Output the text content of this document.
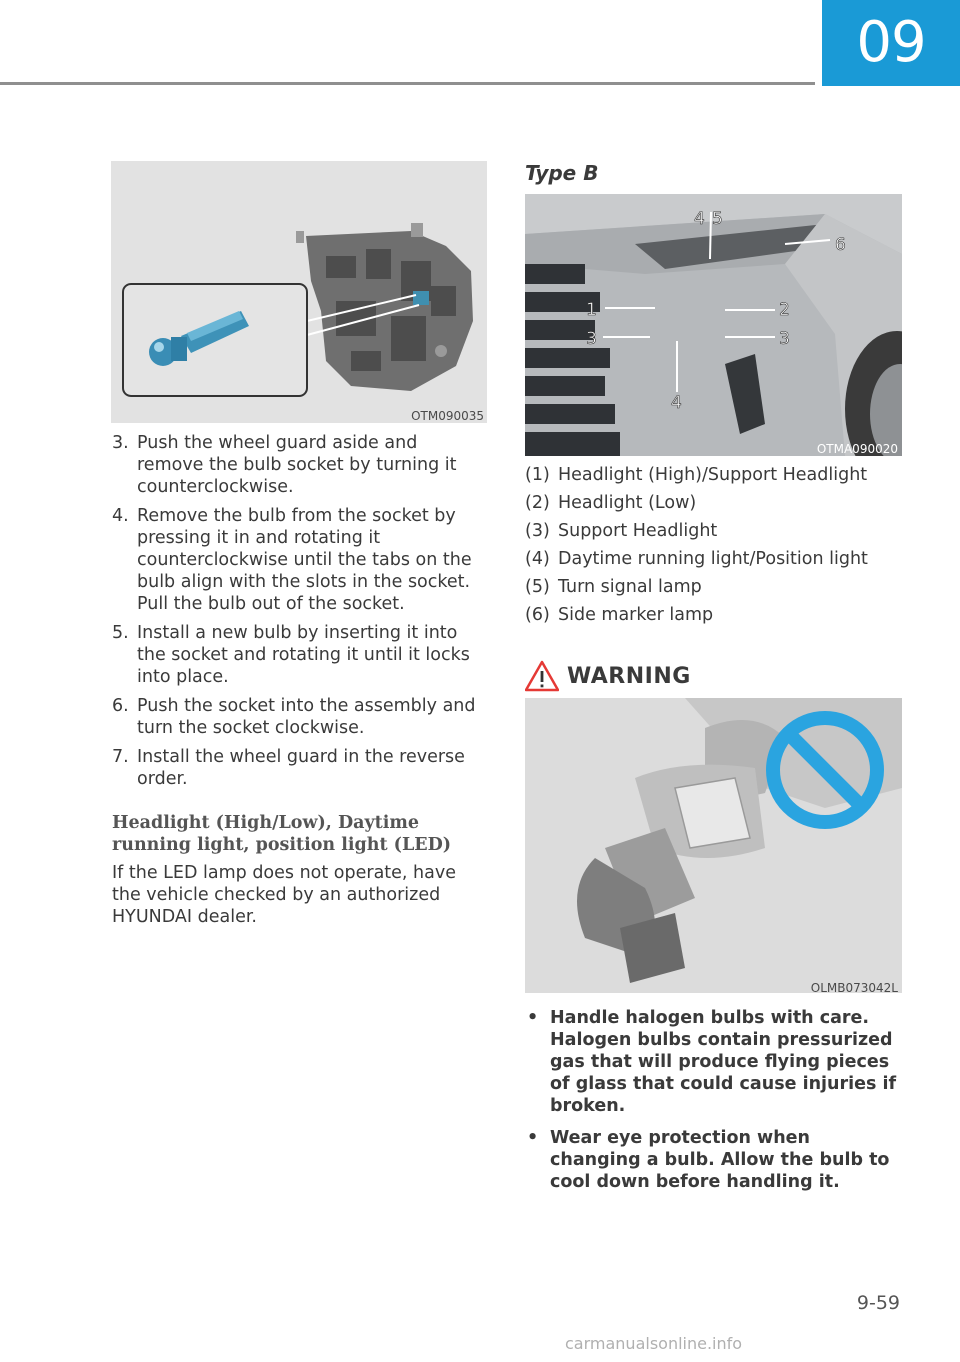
09
OTM090035
3. Push the wheel guard aside and remove the bulb socket by turning it counterclockwise.
4. Remove the bulb from the socket by pressing it in and rotating it counterclockwise until the tabs on the bulb align with the slots in the socket. Pull the bulb out of the socket.
5. Install a new bulb by inserting it into the socket and rotating it until it locks into place.
6. Push the socket into the assembly and turn the socket clockwise.
7. Install the wheel guard in the reverse order.
Headlight (High/Low), Daytime running light, position light (LED)
If the LED lamp does not operate, have the vehicle checked by an authorized HYUNDAI dealer.
Type B
4 5
6
1	2
3	3
4
OTMA090020
(1) Headlight (High)/Support Headlight
(2) Headlight (Low)
(3) Support Headlight
(4) Daytime running light/Position light
(5) Turn signal lamp
(6) Side marker lamp
WARNING
OLMB073042L
• Handle halogen bulbs with care. Halogen bulbs contain pressurized gas that will produce flying pieces of glass that could cause injuries if broken.
• Wear eye protection when changing a bulb. Allow the bulb to cool down before handling it.
9-59
carmanualsonline.info
